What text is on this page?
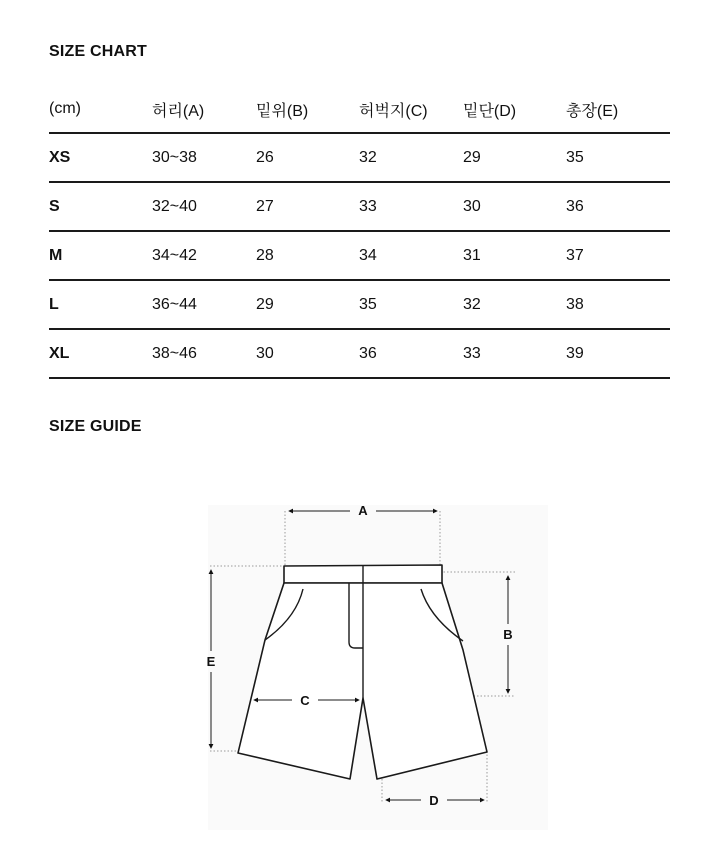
SIZE CHART
(cm)	허리(A)	밑위(B)	허벅지(C)	밑단(D)	총장(E)
XS	30~38	26	32	29	35
S	32~40	27	33	30	36
M	34~42	28	34	31	37
L	36~44	29	35	32	38
XL	38~46	30	36	33	39
SIZE GUIDE
A
B
C
D
E
